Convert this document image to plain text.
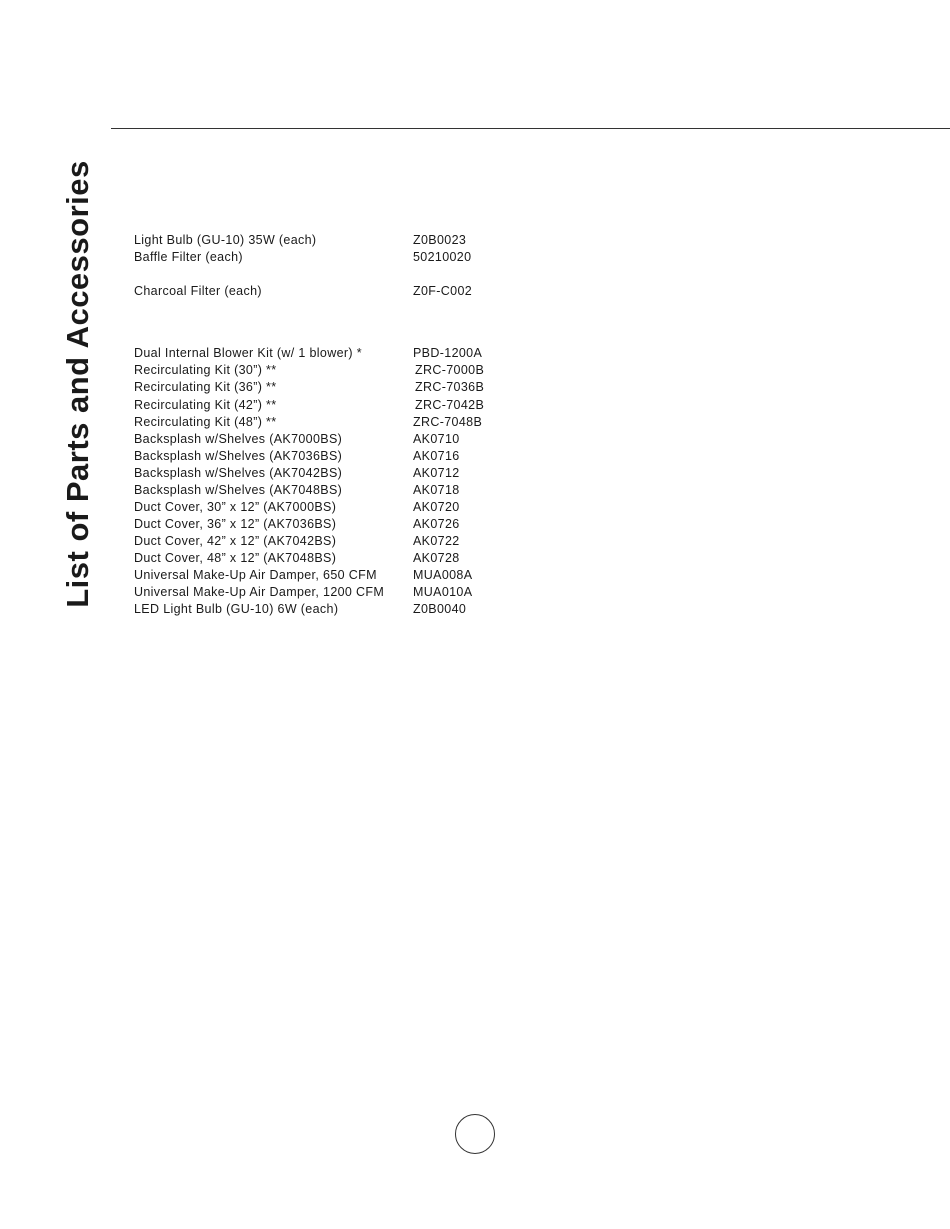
List of Parts and Accessories	Light Bulb (GU-10) 35W (each)	Z0B0023
Baffle Filter (each)	50210020
Charcoal Filter (each)	Z0F-C002
Dual Internal Blower Kit (w/ 1 blower) *	PBD-1200A
Recirculating Kit (30”) **	ZRC-7000B
Recirculating Kit (36”) **	ZRC-7036B
Recirculating Kit (42”) **	ZRC-7042B
Recirculating Kit (48”) **	ZRC-7048B
Backsplash w/Shelves (AK7000BS)	AK0710
Backsplash w/Shelves (AK7036BS)	AK0716
Backsplash w/Shelves (AK7042BS)	AK0712
Backsplash w/Shelves (AK7048BS)	AK0718
Duct Cover, 30” x 12” (AK7000BS)	AK0720
Duct Cover, 36” x 12” (AK7036BS)	AK0726
Duct Cover, 42” x 12” (AK7042BS)	AK0722
Duct Cover, 48” x 12” (AK7048BS)	AK0728
Universal Make-Up Air Damper, 650 CFM	MUA008A
Universal Make-Up Air Damper, 1200 CFM MUA010A
LED Light Bulb (GU-10) 6W (each)	Z0B0040
